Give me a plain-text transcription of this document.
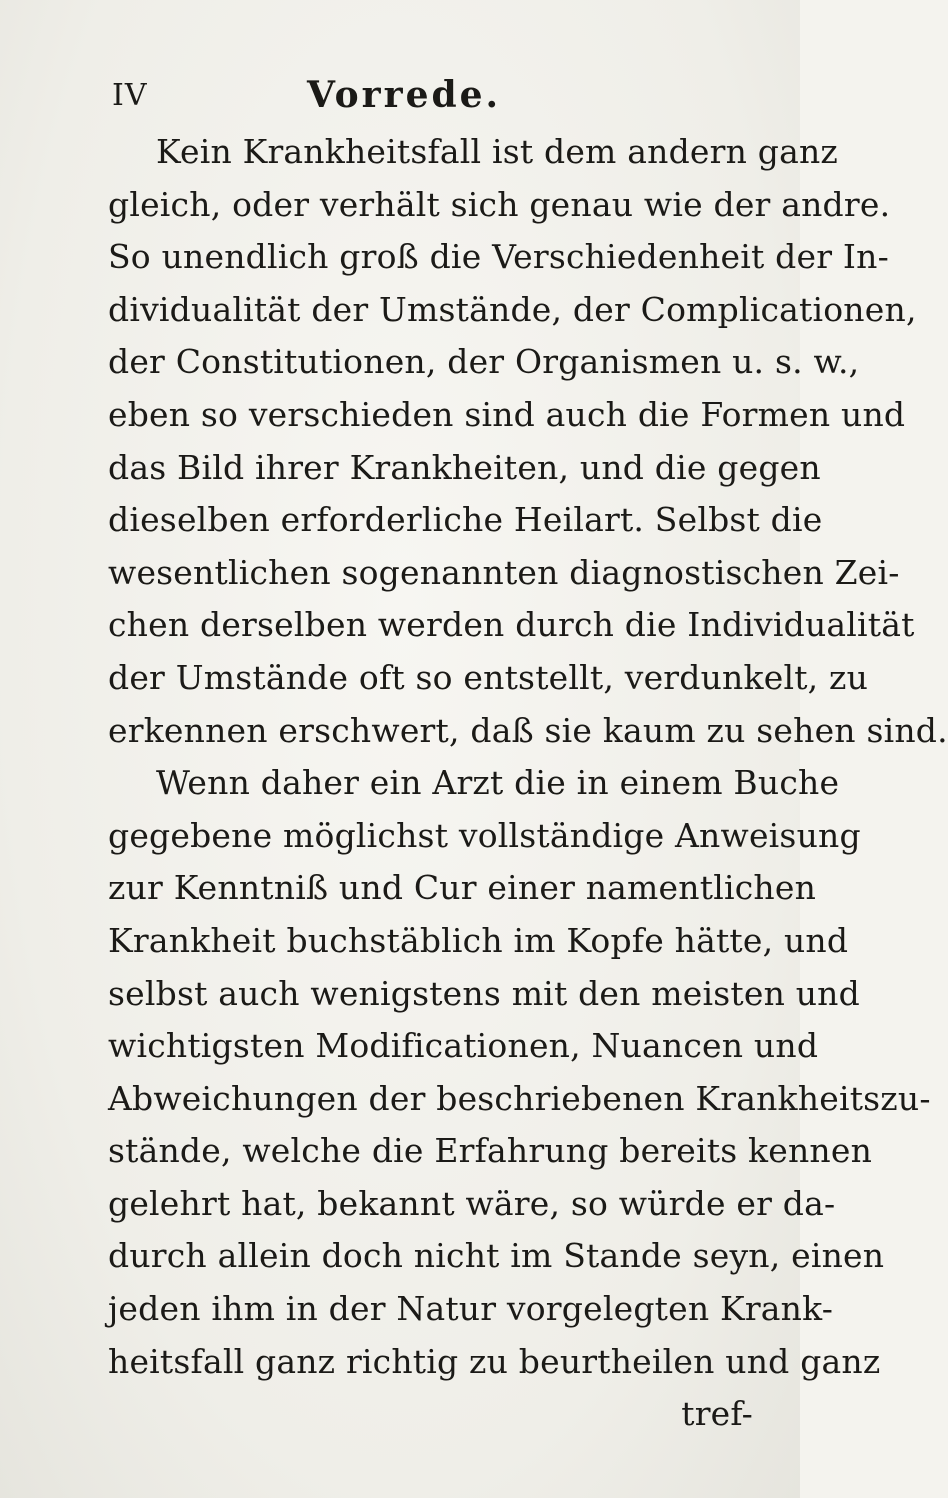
IV	Vorrede.
Kein Krankheitsfall ist dem andern ganz
gleich, oder verhält sich genau wie der andre.
So unendlich groß die Verschiedenheit der In-
dividualität der Umstände, der Complicationen,
der Constitutionen, der Organismen u. s. w.,
eben so verschieden sind auch die Formen und
das Bild ihrer Krankheiten, und die gegen
dieselben erforderliche Heilart. Selbst die
wesentlichen sogenannten diagnostischen Zei-
chen derselben werden durch die Individualität
der Umstände oft so entstellt, verdunkelt, zu
erkennen erschwert, daß sie kaum zu sehen sind.
Wenn daher ein Arzt die in einem Buche
gegebene möglichst vollständige Anweisung
zur Kenntniß und Cur einer namentlichen
Krankheit buchstäblich im Kopfe hätte, und
selbst auch wenigstens mit den meisten und
wichtigsten Modificationen, Nuancen und
Abweichungen der beschriebenen Krankheitszu-
stände, welche die Erfahrung bereits kennen
gelehrt hat, bekannt wäre, so würde er da-
durch allein doch nicht im Stande seyn, einen
jeden ihm in der Natur vorgelegten Krank-
heitsfall ganz richtig zu beurtheilen und ganz
tref-
